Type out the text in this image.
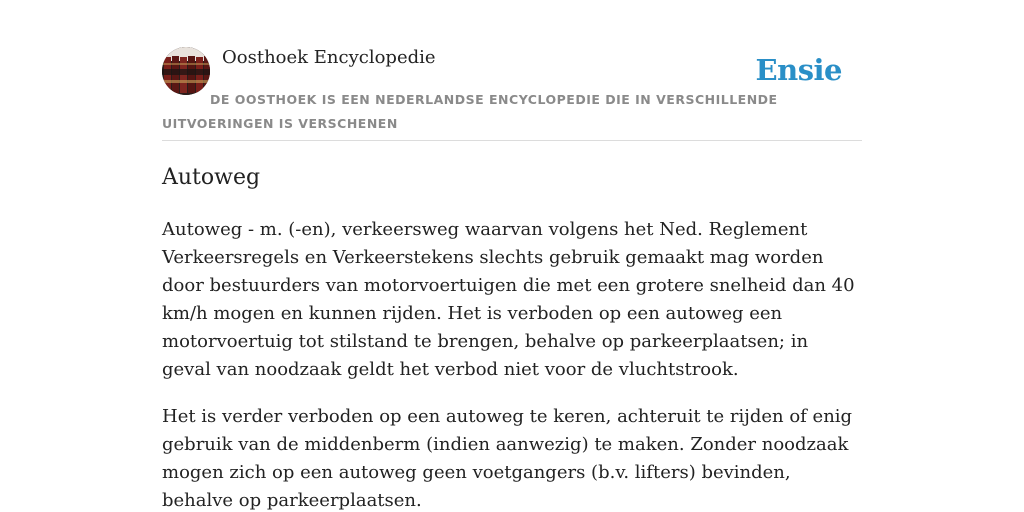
Oosthoek Encyclopedie	Ensie
DE OOSTHOEK IS EEN NEDERLANDSE ENCYCLOPEDIE DIE IN VERSCHILLENDE UITVOERINGEN IS VERSCHENEN
Autoweg

Autoweg - m. (-en), verkeersweg waarvan volgens het Ned. Reglement Verkeersregels en Verkeerstekens slechts gebruik gemaakt mag worden door bestuurders van motorvoertuigen die met een grotere snelheid dan 40 km/h mogen en kunnen rijden. Het is verboden op een autoweg een motorvoertuig tot stilstand te brengen, behalve op parkeerplaatsen; in geval van noodzaak geldt het verbod niet voor de vluchtstrook.

Het is verder verboden op een autoweg te keren, achteruit te rijden of enig gebruik van de middenberm (indien aanwezig) te maken. Zonder noodzaak mogen zich op een autoweg geen voetgangers (b.v. lifters) bevinden, behalve op parkeerplaatsen.
